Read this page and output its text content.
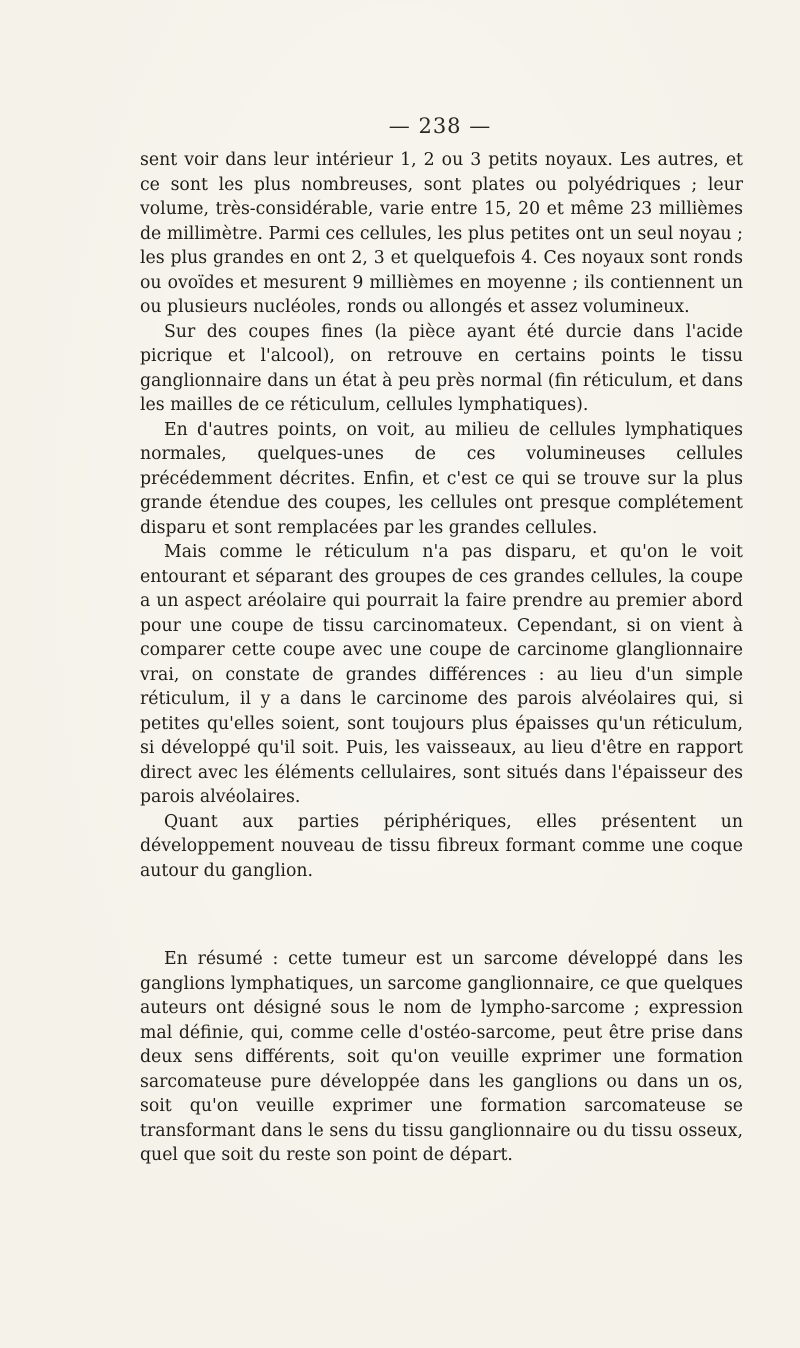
— 238 —

sent voir dans leur intérieur 1, 2 ou 3 petits noyaux. Les autres, et ce sont les plus nombreuses, sont plates ou polyédriques ; leur volume, très-considérable, varie entre 15, 20 et même 23 millièmes de millimètre. Parmi ces cellules, les plus petites ont un seul noyau ; les plus grandes en ont 2, 3 et quelquefois 4. Ces noyaux sont ronds ou ovoïdes et mesurent 9 millièmes en moyenne ; ils contiennent un ou plusieurs nucléoles, ronds ou allongés et assez volumineux.

Sur des coupes fines (la pièce ayant été durcie dans l'acide picrique et l'alcool), on retrouve en certains points le tissu ganglionnaire dans un état à peu près normal (fin réticulum, et dans les mailles de ce réticulum, cellules lymphatiques).

En d'autres points, on voit, au milieu de cellules lymphatiques normales, quelques-unes de ces volumineuses cellules précédemment décrites. Enfin, et c'est ce qui se trouve sur la plus grande étendue des coupes, les cellules ont presque complétement disparu et sont remplacées par les grandes cellules.

Mais comme le réticulum n'a pas disparu, et qu'on le voit entourant et séparant des groupes de ces grandes cellules, la coupe a un aspect aréolaire qui pourrait la faire prendre au premier abord pour une coupe de tissu carcinomateux. Cependant, si on vient à comparer cette coupe avec une coupe de carcinome glanglionnaire vrai, on constate de grandes différences : au lieu d'un simple réticulum, il y a dans le carcinome des parois alvéolaires qui, si petites qu'elles soient, sont toujours plus épaisses qu'un réticulum, si développé qu'il soit. Puis, les vaisseaux, au lieu d'être en rapport direct avec les éléments cellulaires, sont situés dans l'épaisseur des parois alvéolaires.

Quant aux parties périphériques, elles présentent un développement nouveau de tissu fibreux formant comme une coque autour du ganglion.

En résumé : cette tumeur est un sarcome développé dans les ganglions lymphatiques, un sarcome ganglionnaire, ce que quelques auteurs ont désigné sous le nom de lympho-sarcome ; expression mal définie, qui, comme celle d'ostéo-sarcome, peut être prise dans deux sens différents, soit qu'on veuille exprimer une formation sarcomateuse pure développée dans les ganglions ou dans un os, soit qu'on veuille exprimer une formation sarcomateuse se transformant dans le sens du tissu ganglionnaire ou du tissu osseux, quel que soit du reste son point de départ.
